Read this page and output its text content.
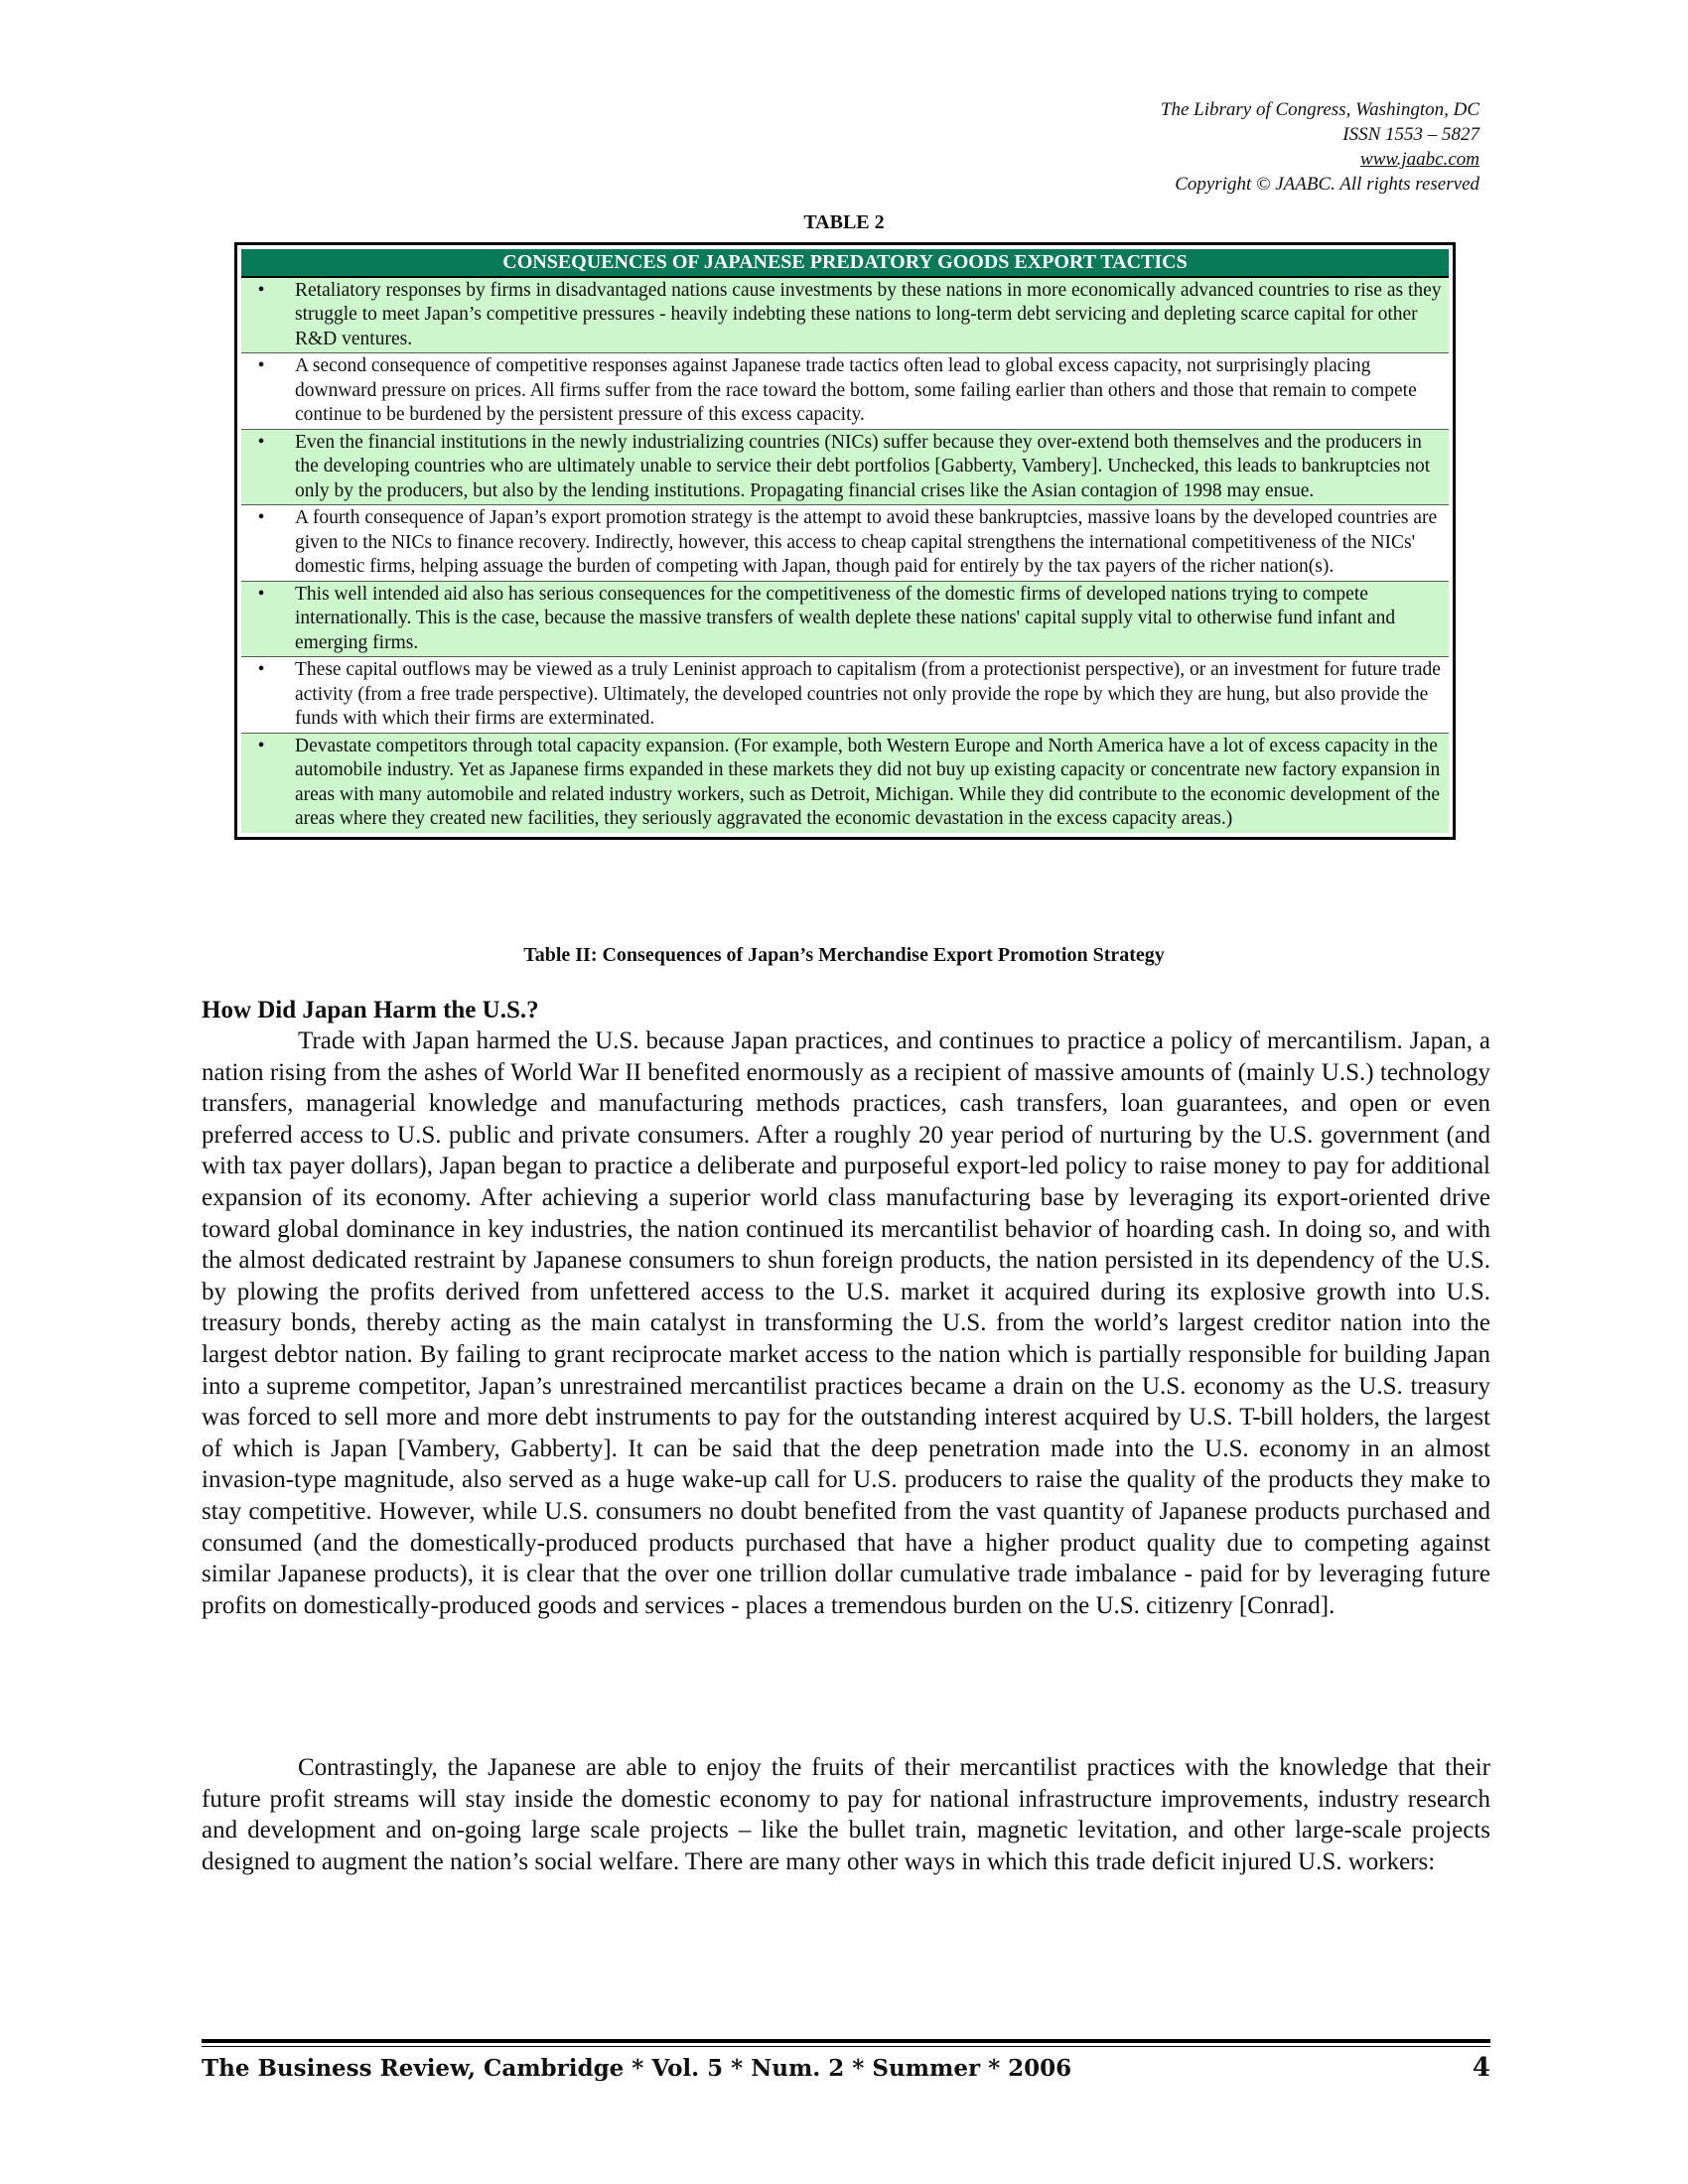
The Library of Congress, Washington, DC
ISSN 1553 – 5827
www.jaabc.com
Copyright © JAABC. All rights reserved
TABLE 2
CONSEQUENCES OF JAPANESE PREDATORY GOODS EXPORT TACTICS	
•	Retaliatory responses by firms in disadvantaged nations cause investments by these nations in more economically advanced countries to rise as they struggle to meet Japan’s competitive pressures - heavily indebting these nations to long-term debt servicing and depleting scarce capital for other R&D ventures.
•	A second consequence of competitive responses against Japanese trade tactics often lead to global excess capacity, not surprisingly placing downward pressure on prices. All firms suffer from the race toward the bottom, some failing earlier than others and those that remain to compete continue to be burdened by the persistent pressure of this excess capacity.
•	Even the financial institutions in the newly industrializing countries (NICs) suffer because they over-extend both themselves and the producers in the developing countries who are ultimately unable to service their debt portfolios [Gabberty, Vambery]. Unchecked, this leads to bankruptcies not only by the producers, but also by the lending institutions. Propagating financial crises like the Asian contagion of 1998 may ensue.
•	A fourth consequence of Japan’s export promotion strategy is the attempt to avoid these bankruptcies, massive loans by the developed countries are given to the NICs to finance recovery. Indirectly, however, this access to cheap capital strengthens the international competitiveness of the NICs' domestic firms, helping assuage the burden of competing with Japan, though paid for entirely by the tax payers of the richer nation(s).
•	This well intended aid also has serious consequences for the competitiveness of the domestic firms of developed nations trying to compete internationally. This is the case, because the massive transfers of wealth deplete these nations' capital supply vital to otherwise fund infant and emerging firms.
•	These capital outflows may be viewed as a truly Leninist approach to capitalism (from a protectionist perspective), or an investment for future trade activity (from a free trade perspective). Ultimately, the developed countries not only provide the rope by which they are hung, but also provide the funds with which their firms are exterminated.
•	Devastate competitors through total capacity expansion. (For example, both Western Europe and North America have a lot of excess capacity in the automobile industry. Yet as Japanese firms expanded in these markets they did not buy up existing capacity or concentrate new factory expansion in areas with many automobile and related industry workers, such as Detroit, Michigan. While they did contribute to the economic development of the areas where they created new facilities, they seriously aggravated the economic devastation in the excess capacity areas.)
Table II: Consequences of Japan’s Merchandise Export Promotion Strategy
How Did Japan Harm the U.S.?

Trade with Japan harmed the U.S. because Japan practices, and continues to practice a policy of mercantilism. Japan, a nation rising from the ashes of World War II benefited enormously as a recipient of massive amounts of (mainly U.S.) technology transfers, managerial knowledge and manufacturing methods practices, cash transfers, loan guarantees, and open or even preferred access to U.S. public and private consumers. After a roughly 20 year period of nurturing by the U.S. government (and with tax payer dollars), Japan began to practice a deliberate and purposeful export-led policy to raise money to pay for additional expansion of its economy. After achieving a superior world class manufacturing base by leveraging its export-oriented drive toward global dominance in key industries, the nation continued its mercantilist behavior of hoarding cash. In doing so, and with the almost dedicated restraint by Japanese consumers to shun foreign products, the nation persisted in its dependency of the U.S. by plowing the profits derived from unfettered access to the U.S. market it acquired during its explosive growth into U.S. treasury bonds, thereby acting as the main catalyst in transforming the U.S. from the world’s largest creditor nation into the largest debtor nation. By failing to grant reciprocate market access to the nation which is partially responsible for building Japan into a supreme competitor, Japan’s unrestrained mercantilist practices became a drain on the U.S. economy as the U.S. treasury was forced to sell more and more debt instruments to pay for the outstanding interest acquired by U.S. T-bill holders, the largest of which is Japan [Vambery, Gabberty]. It can be said that the deep penetration made into the U.S. economy in an almost invasion-type magnitude, also served as a huge wake-up call for U.S. producers to raise the quality of the products they make to stay competitive. However, while U.S. consumers no doubt benefited from the vast quantity of Japanese products purchased and consumed (and the domestically-produced products purchased that have a higher product quality due to competing against similar Japanese products), it is clear that the over one trillion dollar cumulative trade imbalance - paid for by leveraging future profits on domestically-produced goods and services - places a tremendous burden on the U.S. citizenry [Conrad].

Contrastingly, the Japanese are able to enjoy the fruits of their mercantilist practices with the knowledge that their future profit streams will stay inside the domestic economy to pay for national infrastructure improvements, industry research and development and on-going large scale projects – like the bullet train, magnetic levitation, and other large-scale projects designed to augment the nation’s social welfare. There are many other ways in which this trade deficit injured U.S. workers:

The Business Review, Cambridge * Vol. 5 * Num. 2 * Summer * 2006	4
